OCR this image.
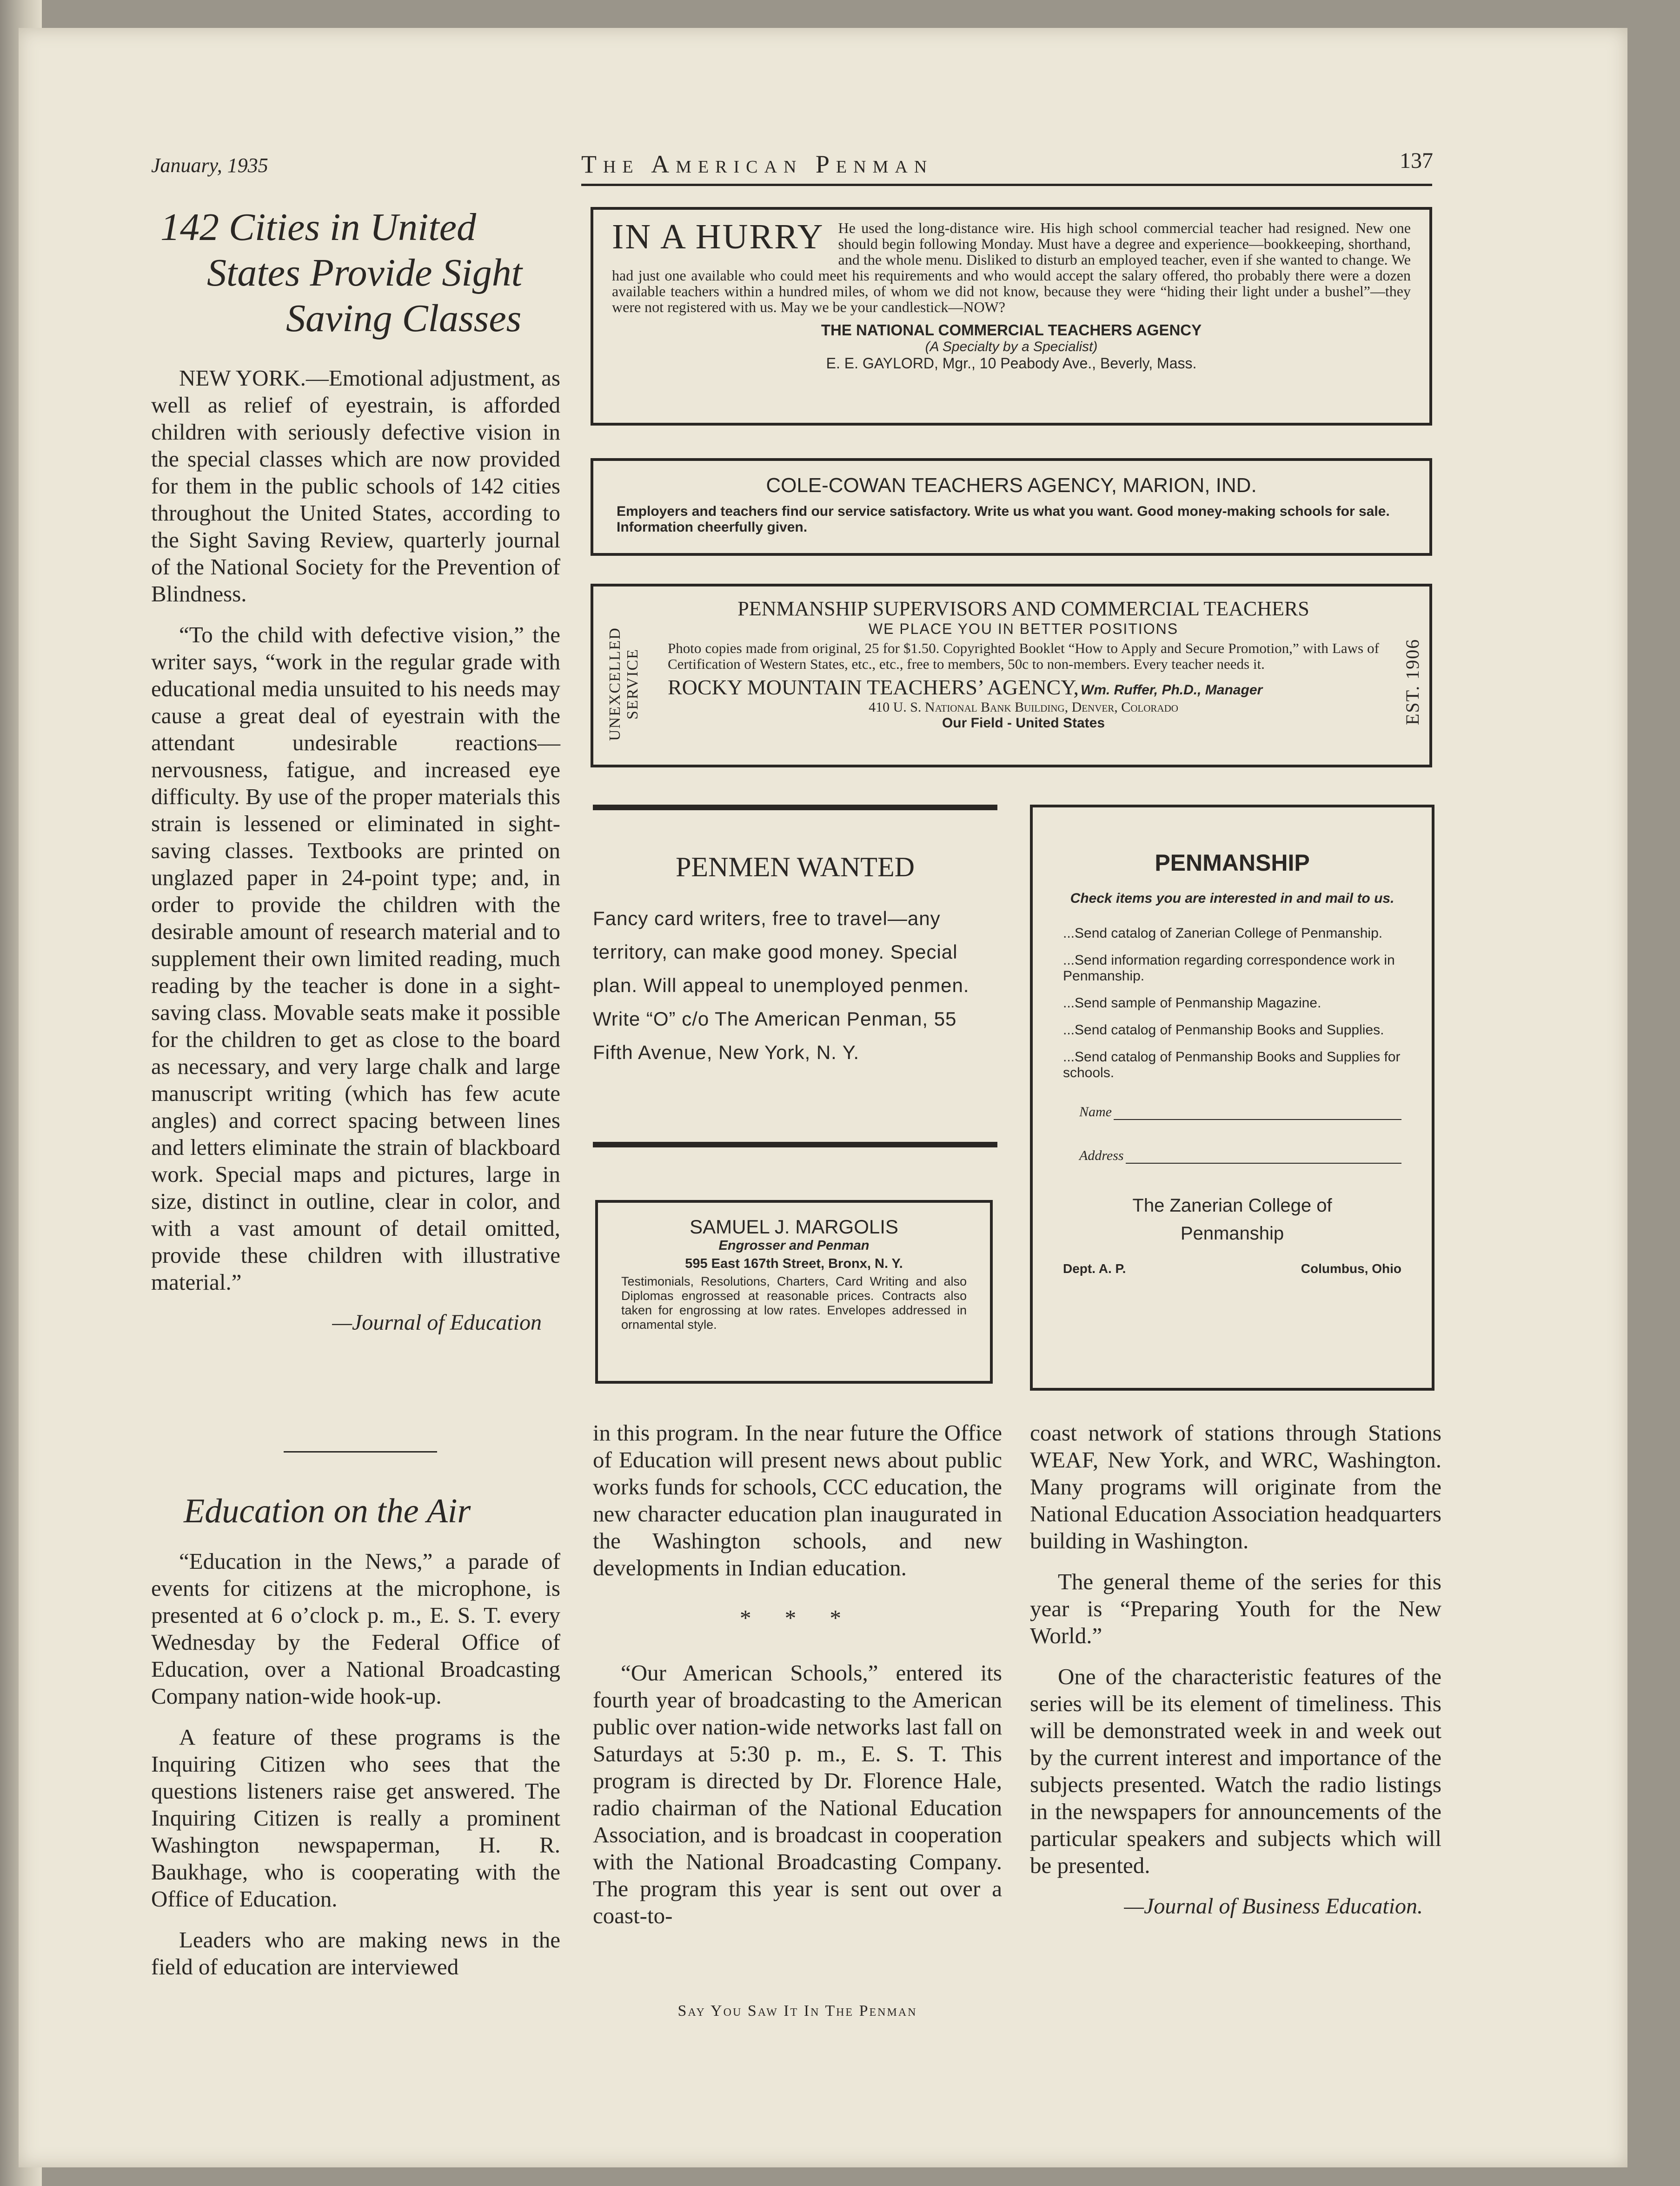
January, 1935	The American Penman	137
142 Cities in United
States Provide Sight
Saving Classes

NEW YORK.—Emotional adjustment, as well as relief of eyestrain, is afforded children with seriously defective vision in the special classes which are now provided for them in the public schools of 142 cities throughout the United States, according to the Sight Saving Review, quarterly journal of the National Society for the Prevention of Blindness.

“To the child with defective vision,” the writer says, “work in the regular grade with educational media unsuited to his needs may cause a great deal of eyestrain with the attendant undesirable reactions—nervousness, fatigue, and increased eye difficulty. By use of the proper materials this strain is lessened or eliminated in sight-saving classes. Textbooks are printed on unglazed paper in 24-point type; and, in order to provide the children with the desirable amount of research material and to supplement their own limited reading, much reading by the teacher is done in a sight-saving class. Movable seats make it possible for the children to get as close to the board as necessary, and very large chalk and large manuscript writing (which has few acute angles) and correct spacing between lines and letters eliminate the strain of blackboard work. Special maps and pictures, large in size, distinct in outline, clear in color, and with a vast amount of detail omitted, provide these children with illustrative material.”

—Journal of Education
Education on the Air

“Education in the News,” a parade of events for citizens at the microphone, is presented at 6 o’clock p. m., E. S. T. every Wednesday by the Federal Office of Education, over a National Broadcasting Company nation-wide hook-up.

A feature of these programs is the Inquiring Citizen who sees that the questions listeners raise get answered. The Inquiring Citizen is really a prominent Washington newspaperman, H. R. Baukhage, who is cooperating with the Office of Education.

Leaders who are making news in the field of education are interviewed

in this program. In the near future the Office of Education will present news about public works funds for schools, CCC education, the new character education plan inaugurated in the Washington schools, and new developments in Indian education.

* * *

“Our American Schools,” entered its fourth year of broadcasting to the American public over nation-wide networks last fall on Saturdays at 5:30 p. m., E. S. T. This program is directed by Dr. Florence Hale, radio chairman of the National Education Association, and is broadcast in cooperation with the National Broadcasting Company. The program this year is sent out over a coast-to-

coast network of stations through Stations WEAF, New York, and WRC, Washington. Many programs will originate from the National Education Association headquarters building in Washington.

The general theme of the series for this year is “Preparing Youth for the New World.”

One of the characteristic features of the series will be its element of timeliness. This will be demonstrated week in and week out by the current interest and importance of the subjects presented. Watch the radio listings in the newspapers for announcements of the particular speakers and subjects which will be presented.

—Journal of Business Education.
IN A HURRY He used the long-distance wire. His high school commercial teacher had resigned. New one should begin following Monday. Must have a degree and experience—bookkeeping, shorthand, and the whole menu. Disliked to disturb an employed teacher, even if she wanted to change. We had just one available who could meet his requirements and who would accept the salary offered, tho probably there were a dozen available teachers within a hundred miles, of whom we did not know, because they were “hiding their light under a bushel”—they were not registered with us. May we be your candlestick—NOW?
THE NATIONAL COMMERCIAL TEACHERS AGENCY
(A Specialty by a Specialist)
E. E. GAYLORD, Mgr., 10 Peabody Ave., Beverly, Mass.
COLE-COWAN TEACHERS AGENCY, MARION, IND.
Employers and teachers find our service satisfactory. Write us what you want. Good money-making schools for sale. Information cheerfully given.
UNEXCELLED SERVICE	EST. 1906
PENMANSHIP SUPERVISORS AND COMMERCIAL TEACHERS
WE PLACE YOU IN BETTER POSITIONS
Photo copies made from original, 25 for $1.50. Copyrighted Booklet “How to Apply and Secure Promotion,” with Laws of Certification of Western States, etc., etc., free to members, 50c to non-members. Every teacher needs it.
ROCKY MOUNTAIN TEACHERS’ AGENCY, Wm. Ruffer, Ph.D., Manager
410 U. S. National Bank Building, Denver, Colorado
Our Field - United States
PENMEN WANTED
Fancy card writers, free to travel—any territory, can make good money. Special plan. Will appeal to unemployed penmen. Write “O” c/o The American Penman, 55 Fifth Avenue, New York, N. Y.
SAMUEL J. MARGOLIS
Engrosser and Penman
595 East 167th Street, Bronx, N. Y.
Testimonials, Resolutions, Charters, Card Writing and also Diplomas engrossed at reasonable prices. Contracts also taken for engrossing at low rates. Envelopes addressed in ornamental style.
PENMANSHIP
Check items you are interested in and mail to us.
...Send catalog of Zanerian College of Penmanship.
...Send information regarding correspondence work in Penmanship.
...Send sample of Penmanship Magazine.
...Send catalog of Penmanship Books and Supplies.
...Send catalog of Penmanship Books and Supplies for schools.
Name
Address
The Zanerian College of Penmanship
Dept. A. P.	Columbus, Ohio
Say You Saw It In The Penman
